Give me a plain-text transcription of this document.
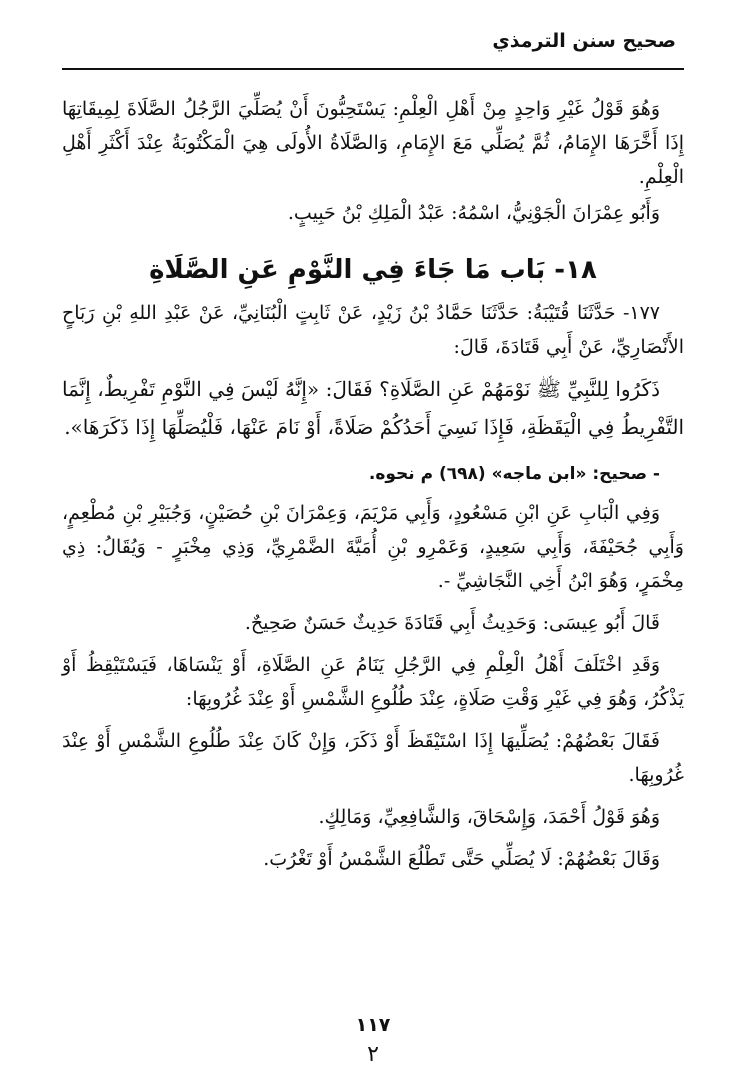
صحيح سنن الترمذي

وَهُوَ قَوْلُ غَيْرِ وَاحِدٍ مِنْ أَهْلِ الْعِلْمِ: يَسْتَحِبُّونَ أَنْ يُصَلِّيَ الرَّجُلُ الصَّلَاةَ لِمِيقَاتِهَا إِذَا أَخَّرَهَا الإِمَامُ، ثُمَّ يُصَلِّي مَعَ الإِمَامِ، وَالصَّلَاةُ الأُولَى هِيَ الْمَكْتُوبَةُ عِنْدَ أَكْثَرِ أَهْلِ الْعِلْمِ.

وَأَبُو عِمْرَانَ الْجَوْنِيُّ، اسْمُهُ: عَبْدُ الْمَلِكِ بْنُ حَبِيبٍ.

١٨- بَاب مَا جَاءَ فِي النَّوْمِ عَنِ الصَّلَاةِ

١٧٧- حَدَّثَنَا قُتَيْبَةُ: حَدَّثَنَا حَمَّادُ بْنُ زَيْدٍ، عَنْ ثَابِتٍ الْبُنَانِيِّ، عَنْ عَبْدِ اللهِ بْنِ رَبَاحٍ الأَنْصَارِيِّ، عَنْ أَبِي قَتَادَةَ، قَالَ:

ذَكَرُوا لِلنَّبِيِّ ﷺ نَوْمَهُمْ عَنِ الصَّلَاةِ؟ فَقَالَ: «إِنَّهُ لَيْسَ فِي النَّوْمِ تَفْرِيطٌ، إِنَّمَا التَّفْرِيطُ فِي الْيَقَظَةِ، فَإِذَا نَسِيَ أَحَدُكُمْ صَلَاةً، أَوْ نَامَ عَنْهَا، فَلْيُصَلِّهَا إِذَا ذَكَرَهَا».

- صحيح: «ابن ماجه» (٦٩٨) م نحوه.

وَفِي الْبَابِ عَنِ ابْنِ مَسْعُودٍ، وَأَبِي مَرْيَمَ، وَعِمْرَانَ بْنِ حُصَيْنٍ، وَجُبَيْرِ بْنِ مُطْعِمٍ، وَأَبِي جُحَيْفَةَ، وَأَبِي سَعِيدٍ، وَعَمْرِو بْنِ أُمَيَّةَ الضَّمْرِيِّ، وَذِي مِخْبَرٍ - وَيُقَالُ: ذِي مِخْمَرٍ، وَهُوَ ابْنُ أَخِي النَّجَاشِيِّ -.

قَالَ أَبُو عِيسَى: وَحَدِيثُ أَبِي قَتَادَةَ حَدِيثٌ حَسَنٌ صَحِيحٌ.

وَقَدِ اخْتَلَفَ أَهْلُ الْعِلْمِ فِي الرَّجُلِ يَنَامُ عَنِ الصَّلَاةِ، أَوْ يَنْسَاهَا، فَيَسْتَيْقِظُ أَوْ يَذْكُرُ، وَهُوَ فِي غَيْرِ وَقْتِ صَلَاةٍ، عِنْدَ طُلُوعِ الشَّمْسِ أَوْ عِنْدَ غُرُوبِهَا:

فَقَالَ بَعْضُهُمْ: يُصَلِّيهَا إِذَا اسْتَيْقَظَ أَوْ ذَكَرَ، وَإِنْ كَانَ عِنْدَ طُلُوعِ الشَّمْسِ أَوْ عِنْدَ غُرُوبِهَا.

وَهُوَ قَوْلُ أَحْمَدَ، وَإِسْحَاقَ، وَالشَّافِعِيِّ، وَمَالِكٍ.

وَقَالَ بَعْضُهُمْ: لَا يُصَلِّي حَتَّى تَطْلُعَ الشَّمْسُ أَوْ تَغْرُبَ.

١١٧
٢
